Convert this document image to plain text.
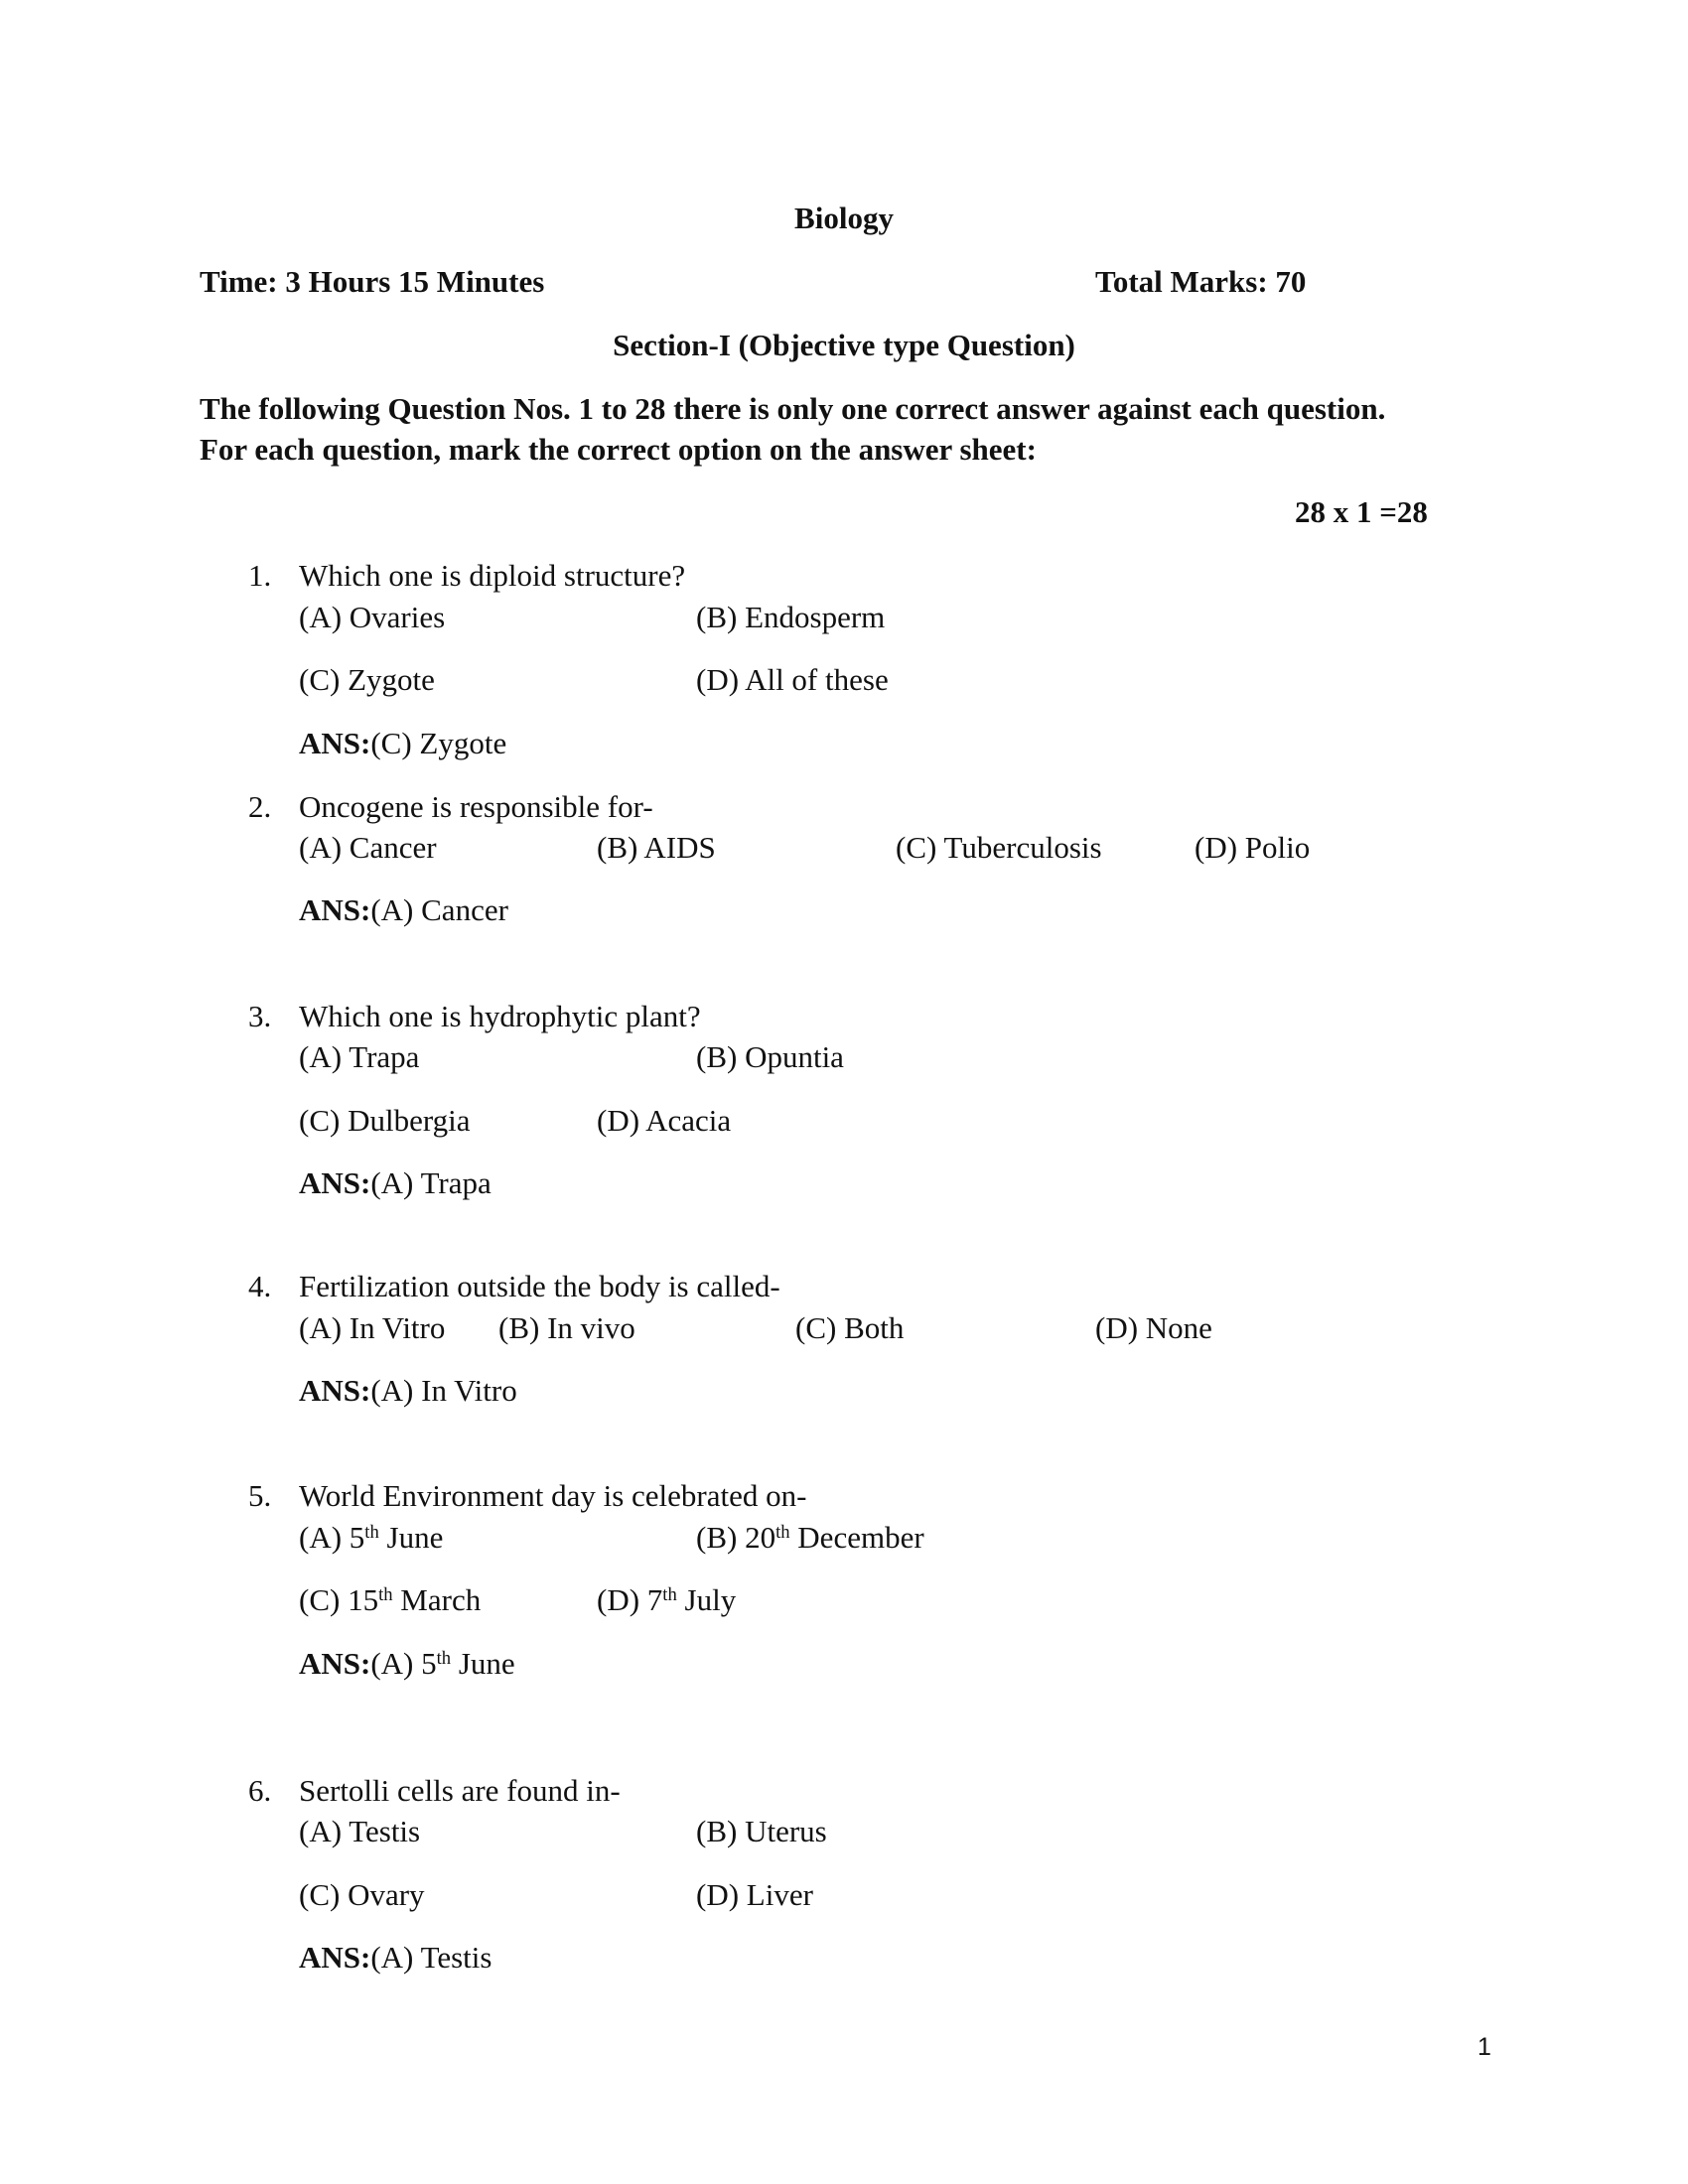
Biology
Time: 3 Hours 15 Minutes	Total Marks: 70
Section-I (Objective type Question)
The following Question Nos. 1 to 28 there is only one correct answer against each question.
For each question, mark the correct option on the answer sheet:
28 x 1 =28
1. Which one is diploid structure?
(A) Ovaries	(B) Endosperm
(C) Zygote	(D) All of these
ANS:(C) Zygote
2. Oncogene is responsible for-
(A) Cancer	(B) AIDS	(C) Tuberculosis	(D) Polio
ANS:(A) Cancer
3. Which one is hydrophytic plant?
(A) Trapa	(B) Opuntia
(C) Dulbergia	(D) Acacia
ANS:(A) Trapa
4. Fertilization outside the body is called-
(A) In Vitro (B) In vivo	(C) Both	(D) None
ANS:(A) In Vitro
5. World Environment day is celebrated on-
(A) 5th June	(B) 20th December
(C) 15th March	(D) 7th July
ANS:(A) 5th June
6. Sertolli cells are found in-
(A) Testis	(B) Uterus
(C) Ovary	(D) Liver
ANS:(A) Testis
1
